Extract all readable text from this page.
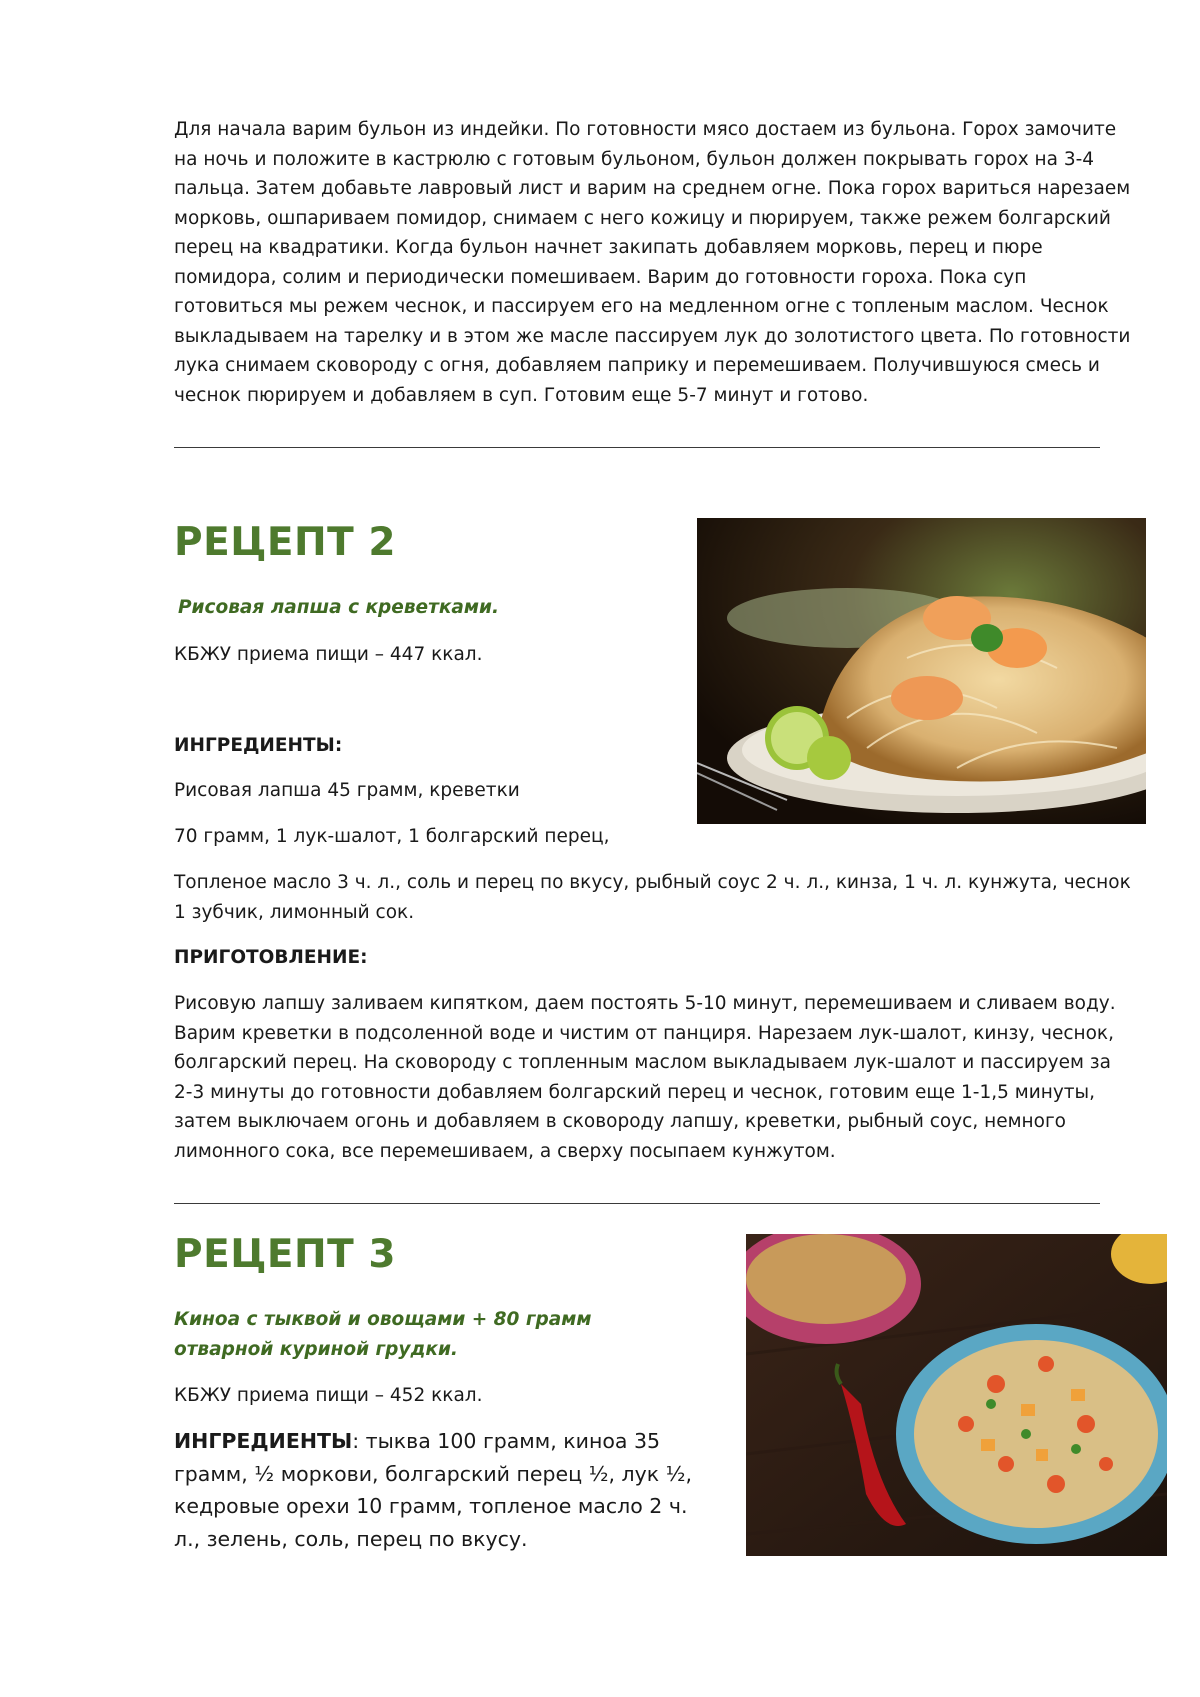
Для начала варим бульон из индейки. По готовности мясо достаем из бульона. Горох замочите на ночь и положите в кастрюлю с готовым бульоном, бульон должен покрывать горох на 3-4 пальца. Затем добавьте лавровый лист и варим на среднем огне. Пока горох вариться нарезаем морковь, ошпариваем помидор, снимаем с него кожицу и пюрируем, также режем болгарский перец на квадратики. Когда бульон начнет закипать добавляем морковь, перец и пюре помидора, солим и периодически помешиваем. Варим до готовности гороха. Пока суп готовиться мы режем чеснок, и пассируем его на медленном огне с топленым маслом. Чеснок выкладываем на тарелку и в этом же масле пассируем лук до золотистого цвета. По готовности лука снимаем сковороду с огня, добавляем паприку и перемешиваем. Получившуюся смесь и чеснок пюрируем и добавляем в суп. Готовим еще 5-7 минут и готово.

РЕЦЕПТ 2

Рисовая лапша с креветками.

КБЖУ приема пищи – 447 ккал.

ИНГРЕДИЕНТЫ:

Рисовая лапша 45 грамм, креветки

70 грамм, 1 лук-шалот, 1 болгарский перец,

Топленое масло 3 ч. л., соль и перец по вкусу, рыбный соус 2 ч. л., кинза, 1 ч. л. кунжута, чеснок 1 зубчик, лимонный сок.

ПРИГОТОВЛЕНИЕ:

Рисовую лапшу заливаем кипятком, даем постоять 5-10 минут, перемешиваем и сливаем воду. Варим креветки в подсоленной воде и чистим от панциря. Нарезаем лук-шалот, кинзу, чеснок, болгарский перец. На сковороду с топленным маслом выкладываем лук-шалот и пассируем за 2-3 минуты до готовности добавляем болгарский перец и чеснок, готовим еще 1-1,5 минуты, затем выключаем огонь и добавляем в сковороду лапшу, креветки, рыбный соус, немного лимонного сока, все перемешиваем, а сверху посыпаем кунжутом.

РЕЦЕПТ 3

Киноа с тыквой и овощами + 80 грамм отварной куриной грудки.

КБЖУ приема пищи – 452 ккал.

ИНГРЕДИЕНТЫ: тыква 100 грамм, киноа 35 грамм, ½ моркови, болгарский перец ½, лук ½, кедровые орехи 10 грамм, топленое масло 2 ч. л., зелень, соль, перец по вкусу.
